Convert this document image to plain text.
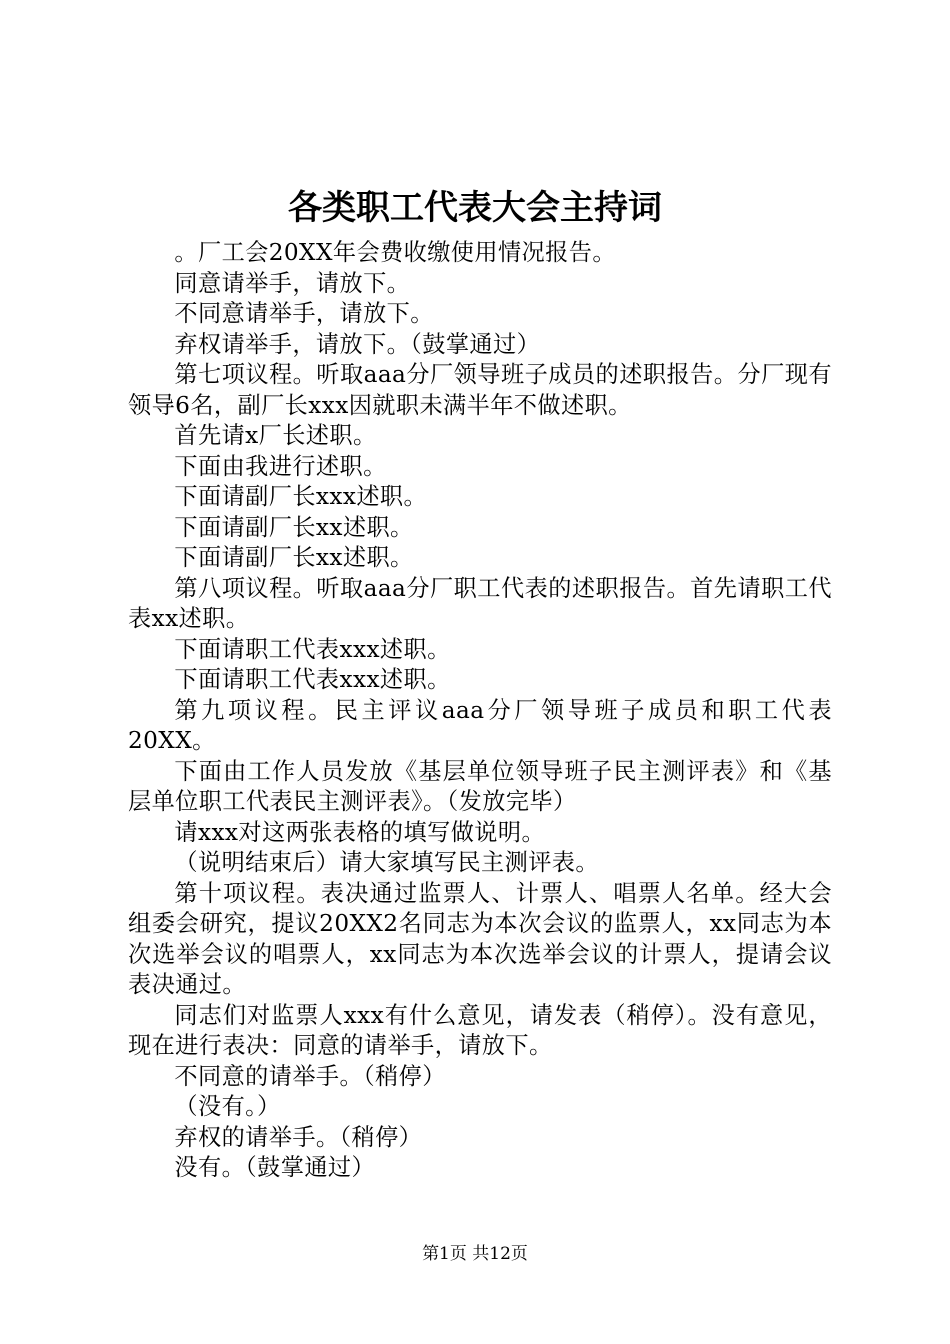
各类职工代表大会主持词

。厂工会20XX年会费收缴使用情况报告。

同意请举手，请放下。

不同意请举手，请放下。

弃权请举手，请放下。（鼓掌通过）

第七项议程。听取aaa分厂领导班子成员的述职报告。分厂现有领导6名，副厂长xxx因就职未满半年不做述职。

首先请x厂长述职。

下面由我进行述职。

下面请副厂长xxx述职。

下面请副厂长xx述职。

下面请副厂长xx述职。

第八项议程。听取aaa分厂职工代表的述职报告。首先请职工代表xx述职。

下面请职工代表xxx述职。

下面请职工代表xxx述职。

第九项议程。民主评议aaa分厂领导班子成员和职工代表20XX。

下面由工作人员发放《基层单位领导班子民主测评表》和《基层单位职工代表民主测评表》。（发放完毕）

请xxx对这两张表格的填写做说明。

（说明结束后）请大家填写民主测评表。

第十项议程。表决通过监票人、计票人、唱票人名单。经大会组委会研究，提议20XX2名同志为本次会议的监票人，xx同志为本次选举会议的唱票人，xx同志为本次选举会议的计票人，提请会议表决通过。

同志们对监票人xxx有什么意见，请发表（稍停）。没有意见，现在进行表决：同意的请举手，请放下。

不同意的请举手。（稍停）

（没有。）

弃权的请举手。（稍停）

没有。（鼓掌通过）

第1页 共12页
